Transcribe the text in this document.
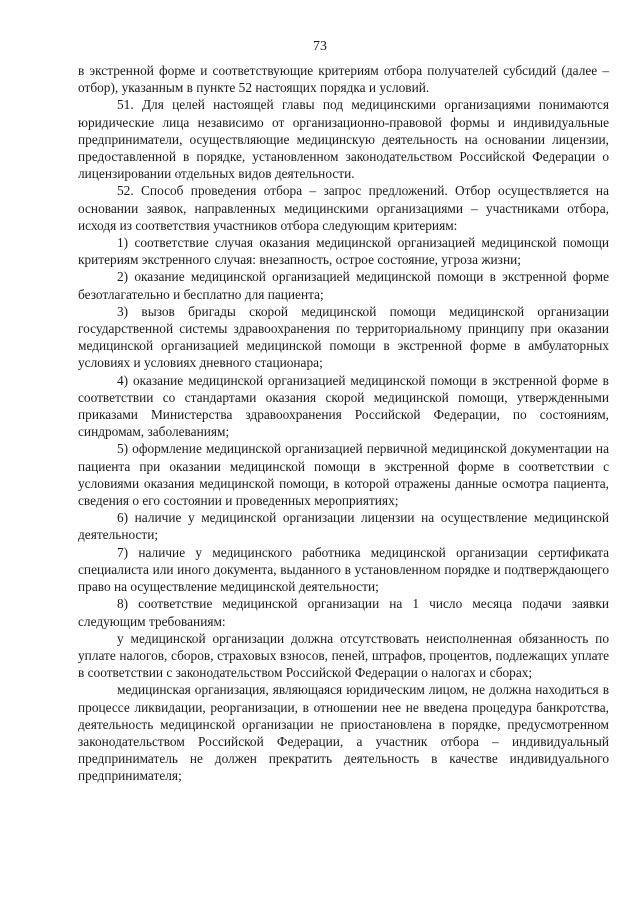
73

в экстренной форме и соответствующие критериям отбора получателей субсидий (далее – отбор), указанным в пункте 52 настоящих порядка и условий.

51. Для целей настоящей главы под медицинскими организациями понимаются юридические лица независимо от организационно-правовой формы и индивидуальные предприниматели, осуществляющие медицинскую деятельность на основании лицензии, предоставленной в порядке, установленном законодательством Российской Федерации о лицензировании отдельных видов деятельности.

52. Способ проведения отбора – запрос предложений. Отбор осуществляется на основании заявок, направленных медицинскими организациями – участниками отбора, исходя из соответствия участников отбора следующим критериям:

1) соответствие случая оказания медицинской организацией медицинской помощи критериям экстренного случая: внезапность, острое состояние, угроза жизни;

2) оказание медицинской организацией медицинской помощи в экстренной форме безотлагательно и бесплатно для пациента;

3) вызов бригады скорой медицинской помощи медицинской организации государственной системы здравоохранения по территориальному принципу при оказании медицинской организацией медицинской помощи в экстренной форме в амбулаторных условиях и условиях дневного стационара;

4) оказание медицинской организацией медицинской помощи в экстренной форме в соответствии со стандартами оказания скорой медицинской помощи, утвержденными приказами Министерства здравоохранения Российской Федерации, по состояниям, синдромам, заболеваниям;

5) оформление медицинской организацией первичной медицинской документации на пациента при оказании медицинской помощи в экстренной форме в соответствии с условиями оказания медицинской помощи, в которой отражены данные осмотра пациента, сведения о его состоянии и проведенных мероприятиях;

6) наличие у медицинской организации лицензии на осуществление медицинской деятельности;

7) наличие у медицинского работника медицинской организации сертификата специалиста или иного документа, выданного в установленном порядке и подтверждающего право на осуществление медицинской деятельности;

8) соответствие медицинской организации на 1 число месяца подачи заявки следующим требованиям:

у медицинской организации должна отсутствовать неисполненная обязанность по уплате налогов, сборов, страховых взносов, пеней, штрафов, процентов, подлежащих уплате в соответствии с законодательством Российской Федерации о налогах и сборах;

медицинская организация, являющаяся юридическим лицом, не должна находиться в процессе ликвидации, реорганизации, в отношении нее не введена процедура банкротства, деятельность медицинской организации не приостановлена в порядке, предусмотренном законодательством Российской Федерации, а участник отбора – индивидуальный предприниматель не должен прекратить деятельность в качестве индивидуального предпринимателя;
